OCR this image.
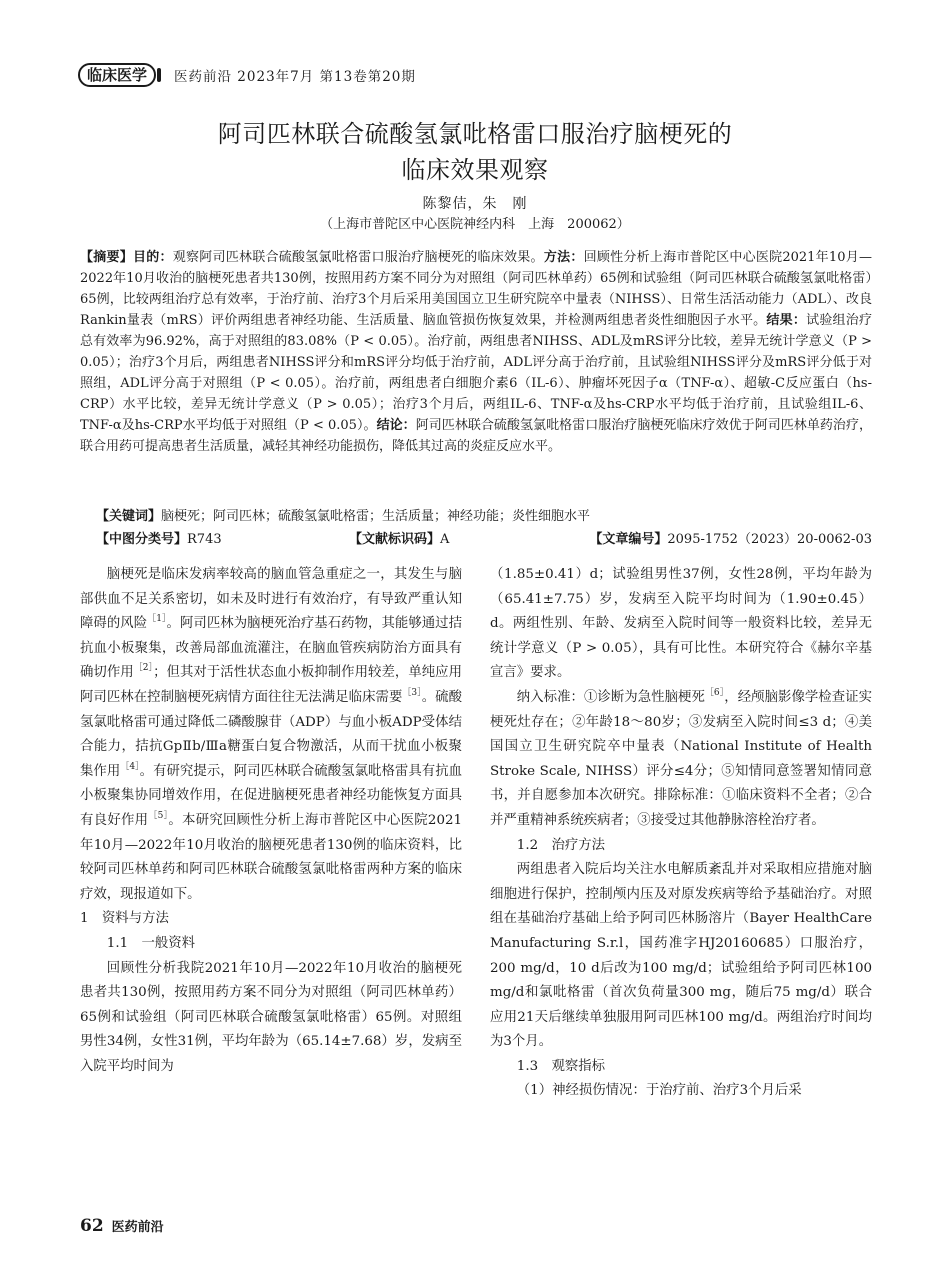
临床医学	医药前沿 2023年7月 第13卷第20期
阿司匹林联合硫酸氢氯吡格雷口服治疗脑梗死的
临床效果观察
陈黎佶，朱　刚
（上海市普陀区中心医院神经内科　上海　200062）

【摘要】目的：观察阿司匹林联合硫酸氢氯吡格雷口服治疗脑梗死的临床效果。方法：回顾性分析上海市普陀区中心医院2021年10月—2022年10月收治的脑梗死患者共130例，按照用药方案不同分为对照组（阿司匹林单药）65例和试验组（阿司匹林联合硫酸氢氯吡格雷）65例，比较两组治疗总有效率，于治疗前、治疗3个月后采用美国国立卫生研究院卒中量表（NIHSS）、日常生活活动能力（ADL）、改良Rankin量表（mRS）评价两组患者神经功能、生活质量、脑血管损伤恢复效果，并检测两组患者炎性细胞因子水平。结果：试验组治疗总有效率为96.92%，高于对照组的83.08%（P < 0.05）。治疗前，两组患者NIHSS、ADL及mRS评分比较，差异无统计学意义（P > 0.05）；治疗3个月后，两组患者NIHSS评分和mRS评分均低于治疗前，ADL评分高于治疗前，且试验组NIHSS评分及mRS评分低于对照组，ADL评分高于对照组（P < 0.05）。治疗前，两组患者白细胞介素6（IL-6）、肿瘤坏死因子α（TNF-α）、超敏-C反应蛋白（hs-CRP）水平比较，差异无统计学意义（P > 0.05）；治疗3个月后，两组IL-6、TNF-α及hs-CRP水平均低于治疗前，且试验组IL-6、TNF-α及hs-CRP水平均低于对照组（P < 0.05）。结论：阿司匹林联合硫酸氢氯吡格雷口服治疗脑梗死临床疗效优于阿司匹林单药治疗，联合用药可提高患者生活质量，减轻其神经功能损伤，降低其过高的炎症反应水平。

【关键词】脑梗死；阿司匹林；硫酸氢氯吡格雷；生活质量；神经功能；炎性细胞水平
【中图分类号】R743	【文献标识码】A	【文章编号】2095-1752（2023）20-0062-03

脑梗死是临床发病率较高的脑血管急重症之一，其发生与脑部供血不足关系密切，如未及时进行有效治疗，有导致严重认知障碍的风险$^{[1]}$。阿司匹林为脑梗死治疗基石药物，其能够通过拮抗血小板聚集，改善局部血流灌注，在脑血管疾病防治方面具有确切作用$^{[2]}$；但其对于活性状态血小板抑制作用较差，单纯应用阿司匹林在控制脑梗死病情方面往往无法满足临床需要$^{[3]}$。硫酸氢氯吡格雷可通过降低二磷酸腺苷（ADP）与血小板ADP受体结合能力，拮抗GpⅡb/Ⅲa糖蛋白复合物激活，从而干扰血小板聚集作用$^{[4]}$。有研究提示，阿司匹林联合硫酸氢氯吡格雷具有抗血小板聚集协同增效作用，在促进脑梗死患者神经功能恢复方面具有良好作用$^{[5]}$。本研究回顾性分析上海市普陀区中心医院2021年10月—2022年10月收治的脑梗死患者130例的临床资料，比较阿司匹林单药和阿司匹林联合硫酸氢氯吡格雷两种方案的临床疗效，现报道如下。

1　资料与方法

1.1　一般资料

回顾性分析我院2021年10月—2022年10月收治的脑梗死患者共130例，按照用药方案不同分为对照组（阿司匹林单药）65例和试验组（阿司匹林联合硫酸氢氯吡格雷）65例。对照组男性34例，女性31例，平均年龄为（65.14±7.68）岁，发病至入院平均时间为

（1.85±0.41）d；试验组男性37例，女性28例，平均年龄为（65.41±7.75）岁，发病至入院平均时间为（1.90±0.45）d。两组性别、年龄、发病至入院时间等一般资料比较，差异无统计学意义（P > 0.05），具有可比性。本研究符合《赫尔辛基宣言》要求。

纳入标准：①诊断为急性脑梗死$^{[6]}$，经颅脑影像学检查证实梗死灶存在；②年龄18～80岁；③发病至入院时间≤3 d；④美国国立卫生研究院卒中量表（National Institute of Health Stroke Scale, NIHSS）评分≤4分；⑤知情同意签署知情同意书，并自愿参加本次研究。排除标准：①临床资料不全者；②合并严重精神系统疾病者；③接受过其他静脉溶栓治疗者。

1.2　治疗方法

两组患者入院后均关注水电解质紊乱并对采取相应措施对脑细胞进行保护，控制颅内压及对原发疾病等给予基础治疗。对照组在基础治疗基础上给予阿司匹林肠溶片（Bayer HealthCare Manufacturing S.r.l，国药准字HJ20160685）口服治疗，200 mg/d，10 d后改为100 mg/d；试验组给予阿司匹林100 mg/d和氯吡格雷（首次负荷量300 mg，随后75 mg/d）联合应用21天后继续单独服用阿司匹林100 mg/d。两组治疗时间均为3个月。

1.3　观察指标

（1）神经损伤情况：于治疗前、治疗3个月后采

62 医药前沿
